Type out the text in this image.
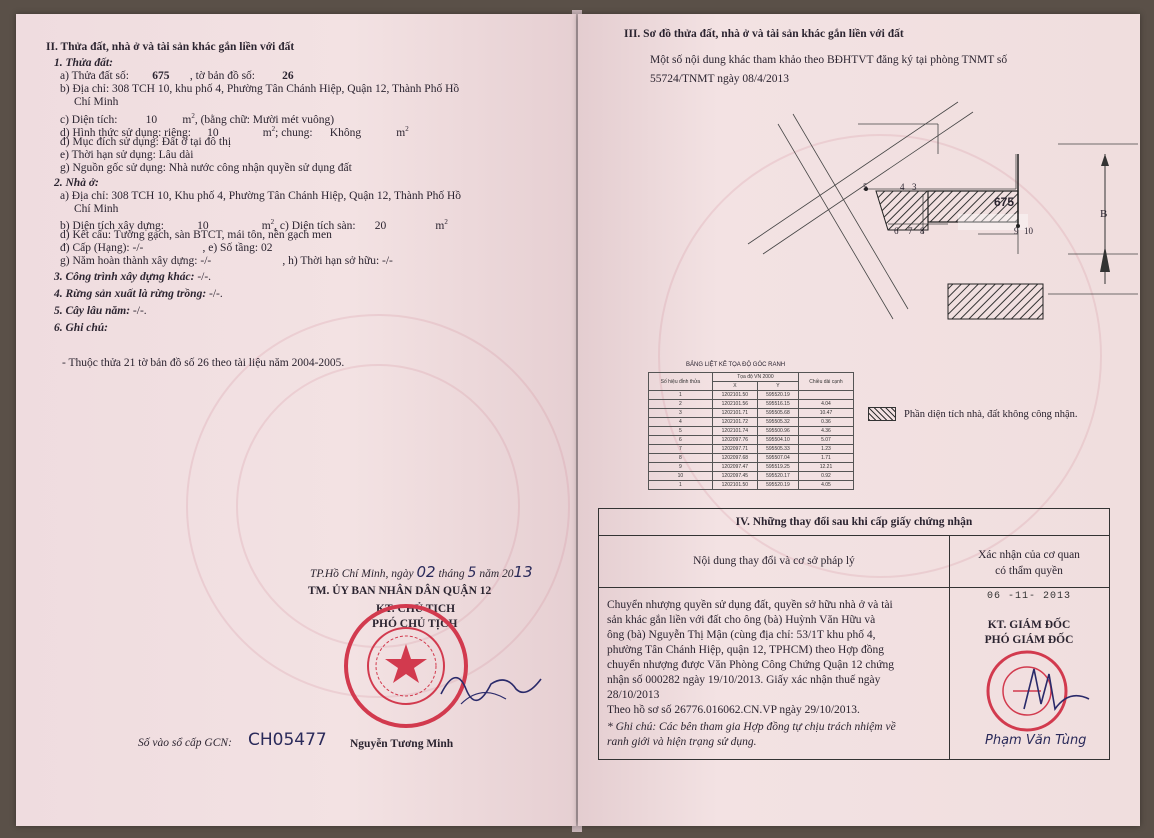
II. Thửa đất, nhà ở và tài sản khác gắn liền với đất
1. Thửa đất:
a) Thửa đất số: 675 , tờ bản đồ số: 26
b) Địa chỉ: 308 TCH 10, khu phố 4, Phường Tân Chánh Hiệp, Quận 12, Thành Phố Hồ
Chí Minh
c) Diện tích: 10 $m^2$, (bằng chữ: Mười mét vuông)
d) Hình thức sử dụng: riêng: 10	$m^2$; chung: Không	$m^2$
đ) Mục đích sử dụng: Đất ở tại đô thị
e) Thời hạn sử dụng: Lâu dài
g) Nguồn gốc sử dụng: Nhà nước công nhận quyền sử dụng đất
2. Nhà ở:
a) Địa chỉ: 308 TCH 10, Khu phố 4, Phường Tân Chánh Hiệp, Quận 12, Thành Phố Hồ
Chí Minh
b) Diện tích xây dựng:	10	$m^2$, c) Diện tích sàn: 20	$m^2$
d) Kết cấu: Tường gạch, sàn BTCT, mái tôn, nền gạch men
đ) Cấp (Hạng): -/-	, e) Số tầng: 02
g) Năm hoàn thành xây dựng: -/-	, h) Thời hạn sở hữu: -/-
3. Công trình xây dựng khác: -/-.
4. Rừng sản xuất là rừng trồng: -/-.
5. Cây lâu năm: -/-.
6. Ghi chú:
- Thuộc thửa 21 tờ bản đồ số 26 theo tài liệu năm 2004-2005.
TP.Hồ Chí Minh, ngày 02 tháng 5 năm 2013
TM. ỦY BAN NHÂN DÂN QUẬN 12
KT. CHỦ TỊCH
PHÓ CHỦ TỊCH
Nguyễn Tương Minh
Số vào sổ cấp GCN: CH05477
III. Sơ đồ thửa đất, nhà ở và tài sản khác gắn liền với đất
Một số nội dung khác tham khảo theo BĐHTVT đăng ký tại phòng TNMT số
55724/TNMT ngày 08/4/2013
675
5	4 3
6 7 8	9 10
B
BẢNG LIỆT KÊ TỌA ĐỘ GÓC RANH
Số hiệu đỉnh thửa	Tọa độ VN 2000		Chiều dài cạnh
	X	Y	
1	1202101.50	595520.19	
2	1202101.56	595516.15	4.04
3	1202101.71	595505.68	10.47
4	1202101.72	595505.32	0.36
5	1202101.74	595500.96	4.36
6	1202097.76	595504.10	5.07
7	1202097.71	595505.33	1.23
8	1202097.68	595507.04	1.71
9	1202097.47	595519.25	12.21
10	1202097.45	595520.17	0.92
1	1202101.50	595520.19	4.05
Phần diện tích nhà, đất không công nhận.
IV. Những thay đổi sau khi cấp giấy chứng nhận
Nội dung thay đổi và cơ sở pháp lý	Xác nhận của cơ quan
có thẩm quyền
Chuyển nhượng quyền sử dụng đất, quyền sở hữu nhà ở và tài
sản khác gắn liền với đất cho ông (bà) Huỳnh Văn Hữu và
ông (bà) Nguyễn Thị Mận (cùng địa chỉ: 53/1T khu phố 4,
phường Tân Chánh Hiệp, quận 12, TPHCM) theo Hợp đồng
chuyển nhượng được Văn Phòng Công Chứng Quận 12 chứng
nhận số 000282 ngày 19/10/2013. Giấy xác nhận thuế ngày
28/10/2013
Theo hồ sơ số 26776.016062.CN.VP ngày 29/10/2013.
* Ghi chú: Các bên tham gia Hợp đồng tự chịu trách nhiệm về
ranh giới và hiện trạng sử dụng.
06 -11- 2013
KT. GIÁM ĐỐC
PHÓ GIÁM ĐỐC
Phạm Văn Tùng
